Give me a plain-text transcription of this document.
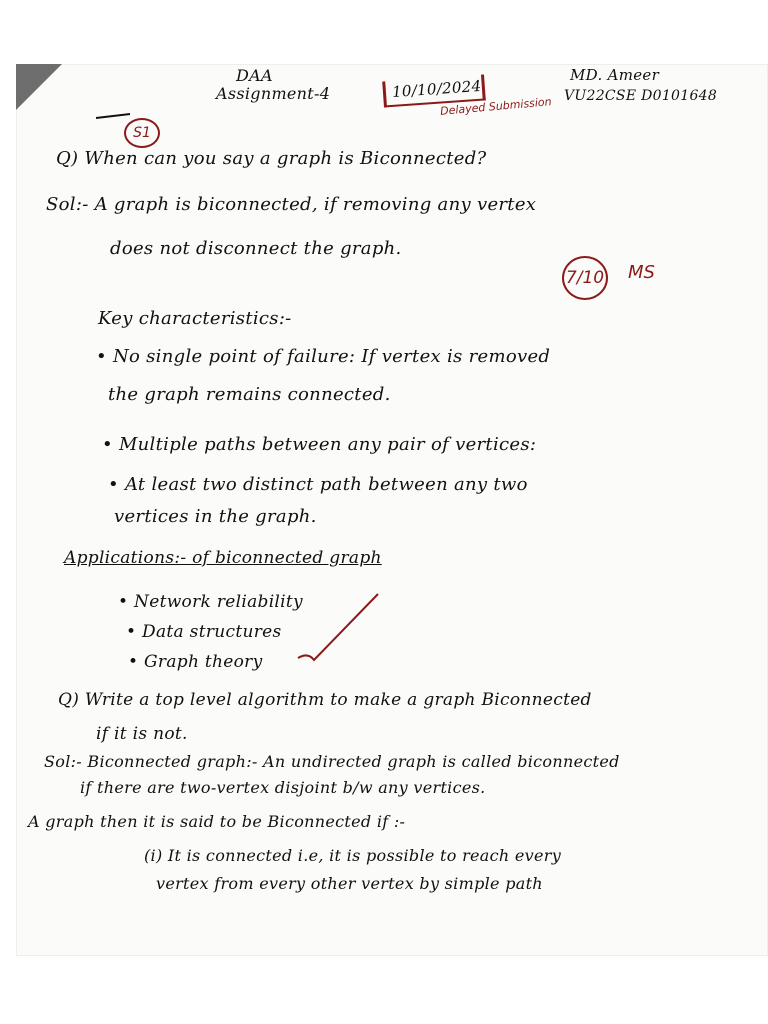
DAA
Assignment-4	10/10/2024
Delayed Submission
MD. Ameer
VU22CSE D0101648
S1
Q) When can you say a graph is Biconnected?
Sol:- A graph is biconnected, if removing any vertex
does not disconnect the graph.
7/10 MS
Key characteristics:-
• No single point of failure: If vertex is removed
the graph remains connected.
• Multiple paths between any pair of vertices:
• At least two distinct path between any two
vertices in the graph.
Applications:- of biconnected graph
• Network reliability
• Data structures
• Graph theory
Q) Write a top level algorithm to make a graph Biconnected
if it is not.
Sol:- Biconnected graph:- An undirected graph is called biconnected
if there are two-vertex disjoint b/w any vertices.
A graph then it is said to be Biconnected if :-
(i) It is connected i.e, it is possible to reach every
vertex from every other vertex by simple path
